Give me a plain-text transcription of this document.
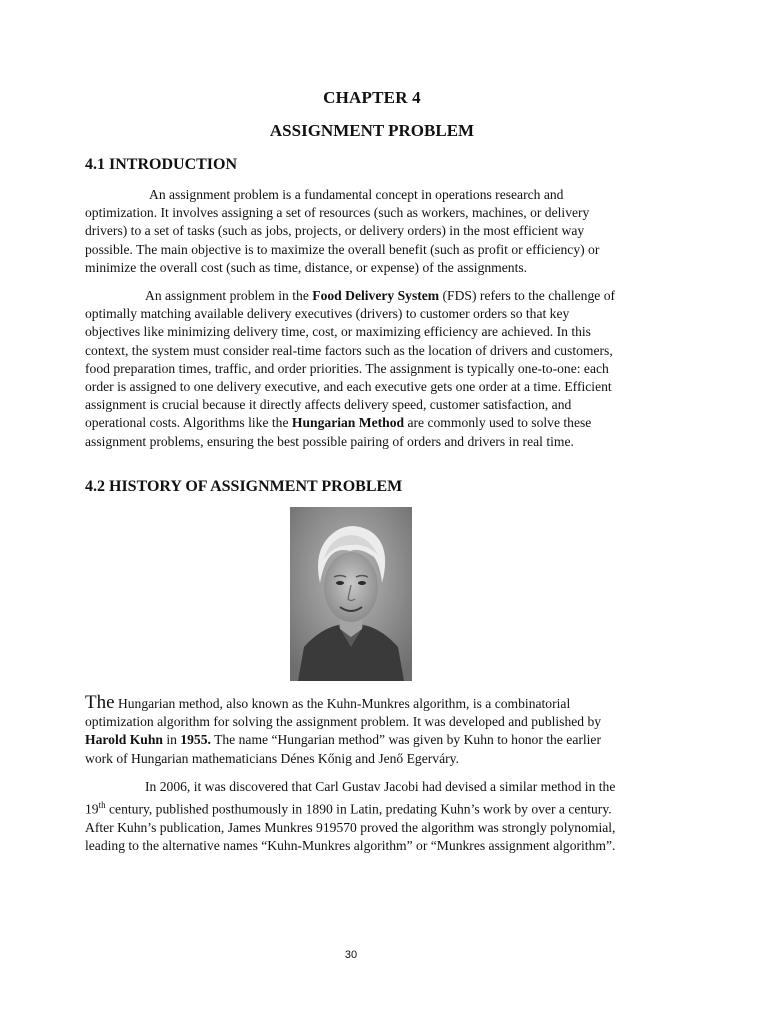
CHAPTER 4
ASSIGNMENT PROBLEM
4.1 INTRODUCTION

An assignment problem is a fundamental concept in operations research and optimization. It involves assigning a set of resources (such as workers, machines, or delivery drivers) to a set of tasks (such as jobs, projects, or delivery orders) in the most efficient way possible. The main objective is to maximize the overall benefit (such as profit or efficiency) or minimize the overall cost (such as time, distance, or expense) of the assignments.

An assignment problem in the Food Delivery System (FDS) refers to the challenge of optimally matching available delivery executives (drivers) to customer orders so that key objectives like minimizing delivery time, cost, or maximizing efficiency are achieved. In this context, the system must consider real-time factors such as the location of drivers and customers, food preparation times, traffic, and order priorities. The assignment is typically one-to-one: each order is assigned to one delivery executive, and each executive gets one order at a time. Efficient assignment is crucial because it directly affects delivery speed, customer satisfaction, and operational costs. Algorithms like the Hungarian Method are commonly used to solve these assignment problems, ensuring the best possible pairing of orders and drivers in real time.

4.2 HISTORY OF ASSIGNMENT PROBLEM

The Hungarian method, also known as the Kuhn-Munkres algorithm, is a combinatorial optimization algorithm for solving the assignment problem. It was developed and published by Harold Kuhn in 1955. The name “Hungarian method” was given by Kuhn to honor the earlier work of Hungarian mathematicians Dénes Kőnig and Jenő Egerváry.

In 2006, it was discovered that Carl Gustav Jacobi had devised a similar method in the 19th century, published posthumously in 1890 in Latin, predating Kuhn’s work by over a century. After Kuhn’s publication, James Munkres 919570 proved the algorithm was strongly polynomial, leading to the alternative names “Kuhn-Munkres algorithm” or “Munkres assignment algorithm”.

30
